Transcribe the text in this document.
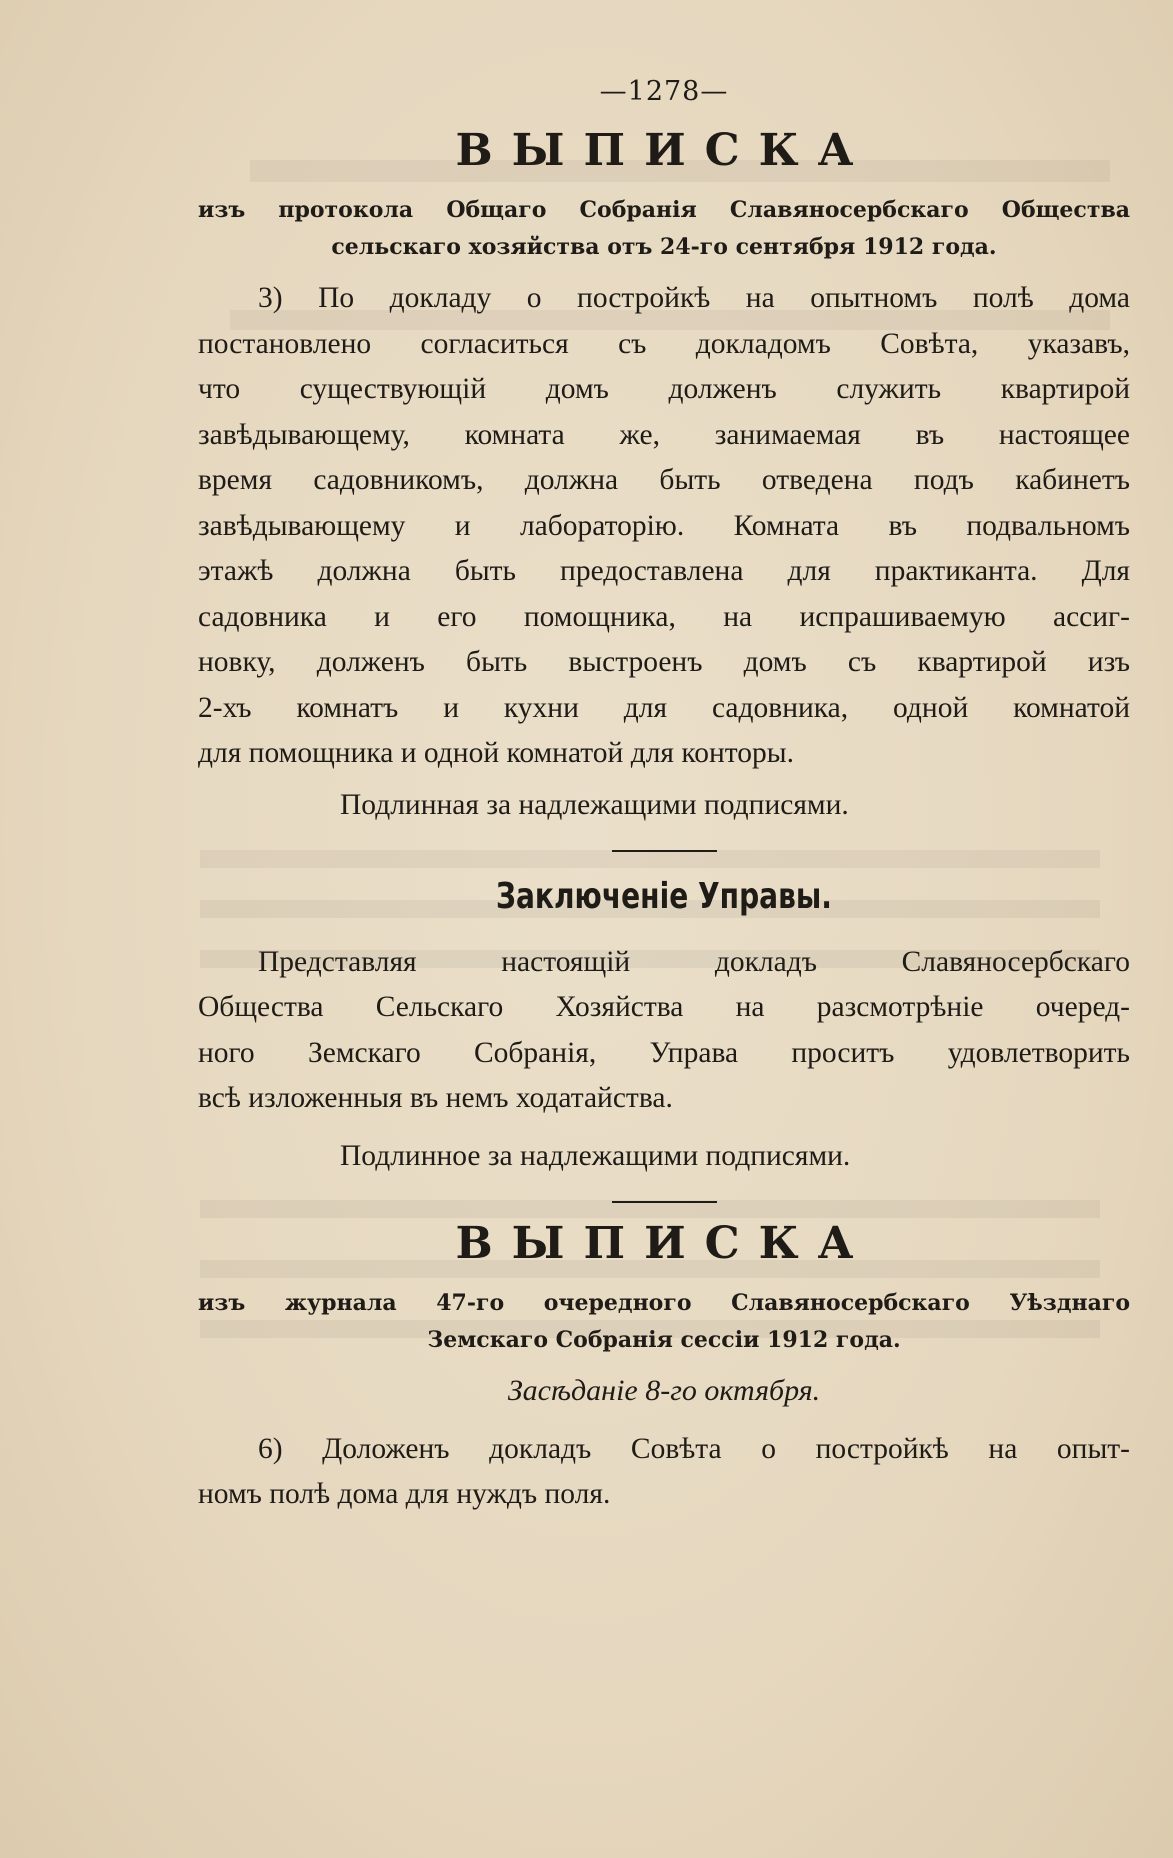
—1278—

ВЫПИСКА
изъ протокола Общаго Собранія Славяносербскаго Общества
сельскаго хозяйства отъ 24-го сентября 1912 года.
3) По докладу о постройкѣ на опытномъ полѣ дома
постановлено согласиться съ докладомъ Совѣта, указавъ,
что существующій домъ долженъ служить квартирой
завѣдывающему, комната же, занимаемая въ настоящее
время садовникомъ, должна быть отведена подъ кабинетъ
завѣдывающему и лабораторію. Комната въ подвальномъ
этажѣ должна быть предоставлена для практиканта. Для
садовника и его помощника, на испрашиваемую ассиг-
новку, долженъ быть выстроенъ домъ съ квартирой изъ
2-хъ комнатъ и кухни для садовника, одной комнатой
для помощника и одной комнатой для конторы.

Подлинная за надлежащими подписями.

Заключеніе Управы.
Представляя настоящій докладъ Славяносербскаго
Общества Сельскаго Хозяйства на разсмотрѣніе очеред-
ного Земскаго Собранія, Управа проситъ удовлетворить
всѣ изложенныя въ немъ ходатайства.

Подлинное за надлежащими подписями.

ВЫПИСКА
изъ журнала 47-го очередного Славяносербскаго Уѣзднаго
Земскаго Собранія сессіи 1912 года.

Засѣданіе 8-го октября.

6) Доложенъ докладъ Совѣта о постройкѣ на опыт-
номъ полѣ дома для нуждъ поля.
